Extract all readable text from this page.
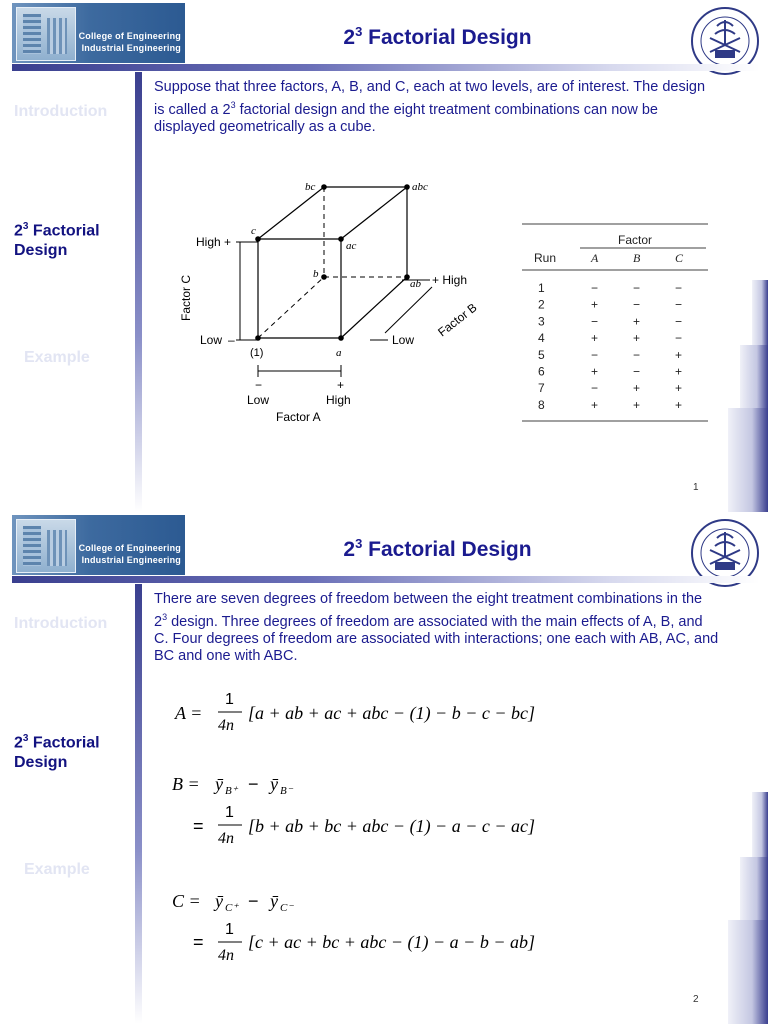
College of Engineering
Industrial Engineering	$2^3$ Factorial Design
Introduction
$2^3$ Factorial
Design
Example
Suppose that three factors, A, B, and C, each at two levels, are of interest. The design is called a $2^3$ factorial design and the eight treatment combinations can now be displayed geometrically as a cube.
bc	abc
c
ac
b
ab
(1)	a
High +
Low –
Factor C	+ High
Low
Factor B
−	+
Low	High
Factor A
Factor
Run	A	B	C
1	−	−	−
2	+	−	−
3	−	+	−
4	+	+	−
5	−	−	+
6	+	−	+
7	−	+	+
8	+	+	+
1
College of Engineering
Industrial Engineering	$2^3$ Factorial Design
Introduction
$2^3$ Factorial
Design
Example
There are seven degrees of freedom between the eight treatment combinations in the $2^3$ design. Three degrees of freedom are associated with the main effects of A, B, and C. Four degrees of freedom are associated with interactions; one each with AB, AC, and BC and one with ABC.
A =
1
4n
[a + ab + ac + abc − (1) − b − c − bc]
B = ȳ B⁺ − ȳ B⁻
=
1
4n
[b + ab + bc + abc − (1) − a − c − ac]
C = ȳ C⁺ − ȳ C⁻
=
1
4n
[c + ac + bc + abc − (1) − a − b − ab]
2
